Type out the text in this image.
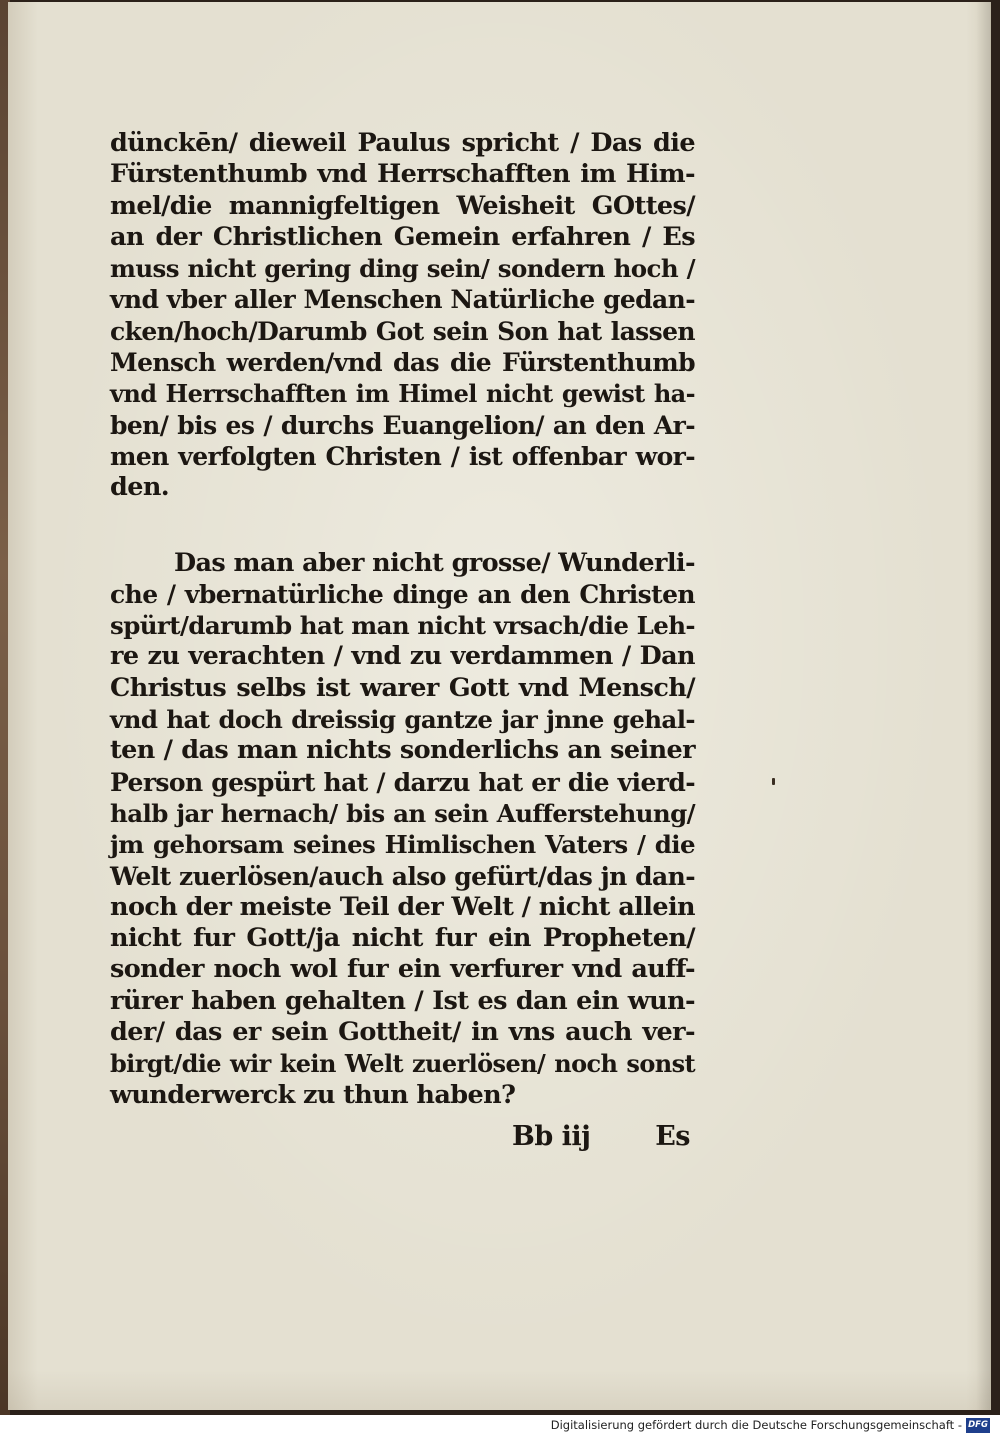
dünckēn/ dieweil Paulus spricht / Das die
Fürstenthumb vnd Herrschafften im Him-
mel/die mannigfeltigen Weisheit GOttes/
an der Christlichen Gemein erfahren / Es
muss nicht gering ding sein/ sondern hoch /
vnd vber aller Menschen Natürliche gedan-
cken/hoch/Darumb Got sein Son hat lassen
Mensch werden/vnd das die Fürstenthumb
vnd Herrschafften im Himel nicht gewist ha-
ben/ bis es / durchs Euangelion/ an den Ar-
men verfolgten Christen / ist offenbar wor-
den.
Das man aber nicht grosse/ Wunderli-
che / vbernatürliche dinge an den Christen
spürt/darumb hat man nicht vrsach/die Leh-
re zu verachten / vnd zu verdammen / Dan
Christus selbs ist warer Gott vnd Mensch/
vnd hat doch dreissig gantze jar jnne gehal-
ten / das man nichts sonderlichs an seiner
Person gespürt hat / darzu hat er die vierd-
halb jar hernach/ bis an sein Aufferstehung/
jm gehorsam seines Himlischen Vaters / die
Welt zuerlösen/auch also gefürt/das jn dan-
noch der meiste Teil der Welt / nicht allein
nicht fur Gott/ja nicht fur ein Propheten/
sonder noch wol fur ein verfurer vnd auff-
rürer haben gehalten / Ist es dan ein wun-
der/ das er sein Gottheit/ in vns auch ver-
birgt/die wir kein Welt zuerlösen/ noch sonst
wunderwerck zu thun haben?
Bb iij Es
Digitalisierung gefördert durch die Deutsche Forschungsgemeinschaft - DFG
